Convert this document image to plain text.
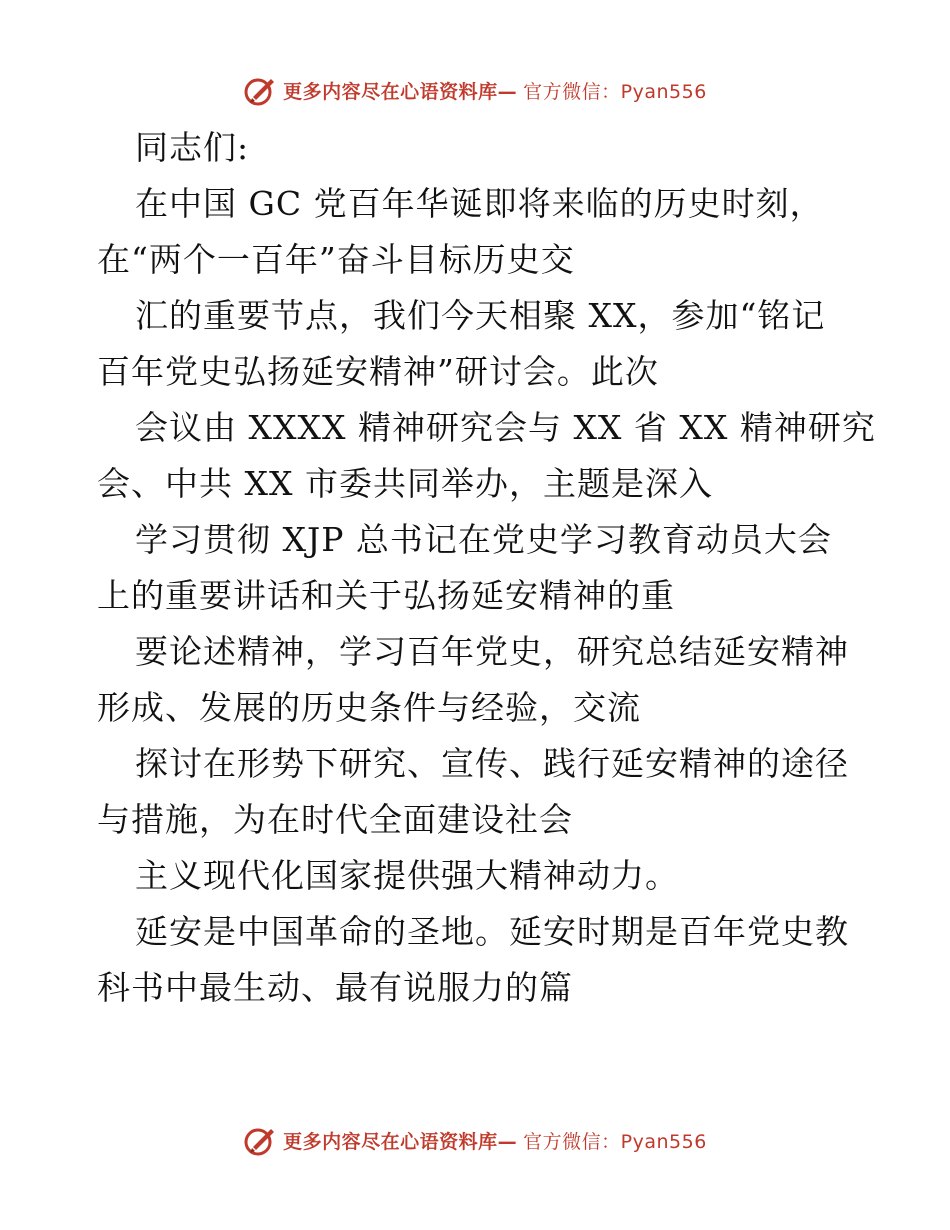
更多内容尽在心语资料库— 官方微信：Pyan556
同志们:
在中国 GC 党百年华诞即将来临的历史时刻，
在“两个一百年”奋斗目标历史交
汇的重要节点，我们今天相聚 XX，参加“铭记
百年党史弘扬延安精神”研讨会。此次
会议由 XXXX 精神研究会与 XX 省 XX 精神研究
会、中共 XX 市委共同举办，主题是深入
学习贯彻 XJP 总书记在党史学习教育动员大会
上的重要讲话和关于弘扬延安精神的重
要论述精神，学习百年党史，研究总结延安精神
形成、发展的历史条件与经验，交流
探讨在形势下研究、宣传、践行延安精神的途径
与措施，为在时代全面建设社会
主义现代化国家提供强大精神动力。
延安是中国革命的圣地。延安时期是百年党史教
科书中最生动、最有说服力的篇
更多内容尽在心语资料库— 官方微信：Pyan556
